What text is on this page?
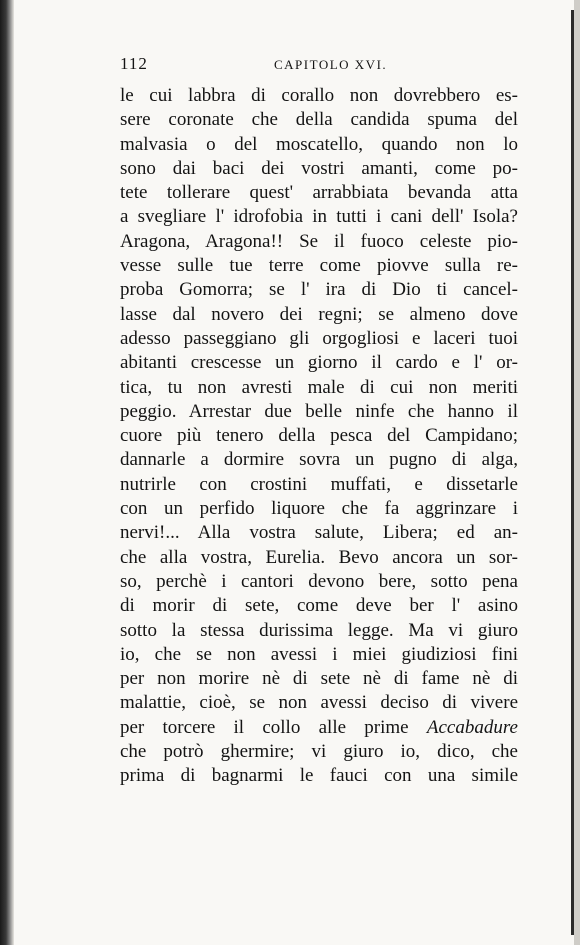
112	CAPITOLO XVI.
le cui labbra di corallo non dovrebbero es-
sere coronate che della candida spuma del
malvasia o del moscatello, quando non lo
sono dai baci dei vostri amanti, come po-
tete tollerare quest' arrabbiata bevanda atta
a svegliare l' idrofobia in tutti i cani dell' Isola?
Aragona, Aragona!! Se il fuoco celeste pio-
vesse sulle tue terre come piovve sulla re-
proba Gomorra; se l' ira di Dio ti cancel-
lasse dal novero dei regni; se almeno dove
adesso passeggiano gli orgogliosi e laceri tuoi
abitanti crescesse un giorno il cardo e l' or-
tica, tu non avresti male di cui non meriti
peggio. Arrestar due belle ninfe che hanno il
cuore più tenero della pesca del Campidano;
dannarle a dormire sovra un pugno di alga,
nutrirle con crostini muffati, e dissetarle
con un perfido liquore che fa aggrinzare i
nervi!... Alla vostra salute, Libera; ed an-
che alla vostra, Eurelia. Bevo ancora un sor-
so, perchè i cantori devono bere, sotto pena
di morir di sete, come deve ber l' asino
sotto la stessa durissima legge. Ma vi giuro
io, che se non avessi i miei giudiziosi fini
per non morire nè di sete nè di fame nè di
malattie, cioè, se non avessi deciso di vivere
per torcere il collo alle prime Accabadure
che potrò ghermire; vi giuro io, dico, che
prima di bagnarmi le fauci con una simile
